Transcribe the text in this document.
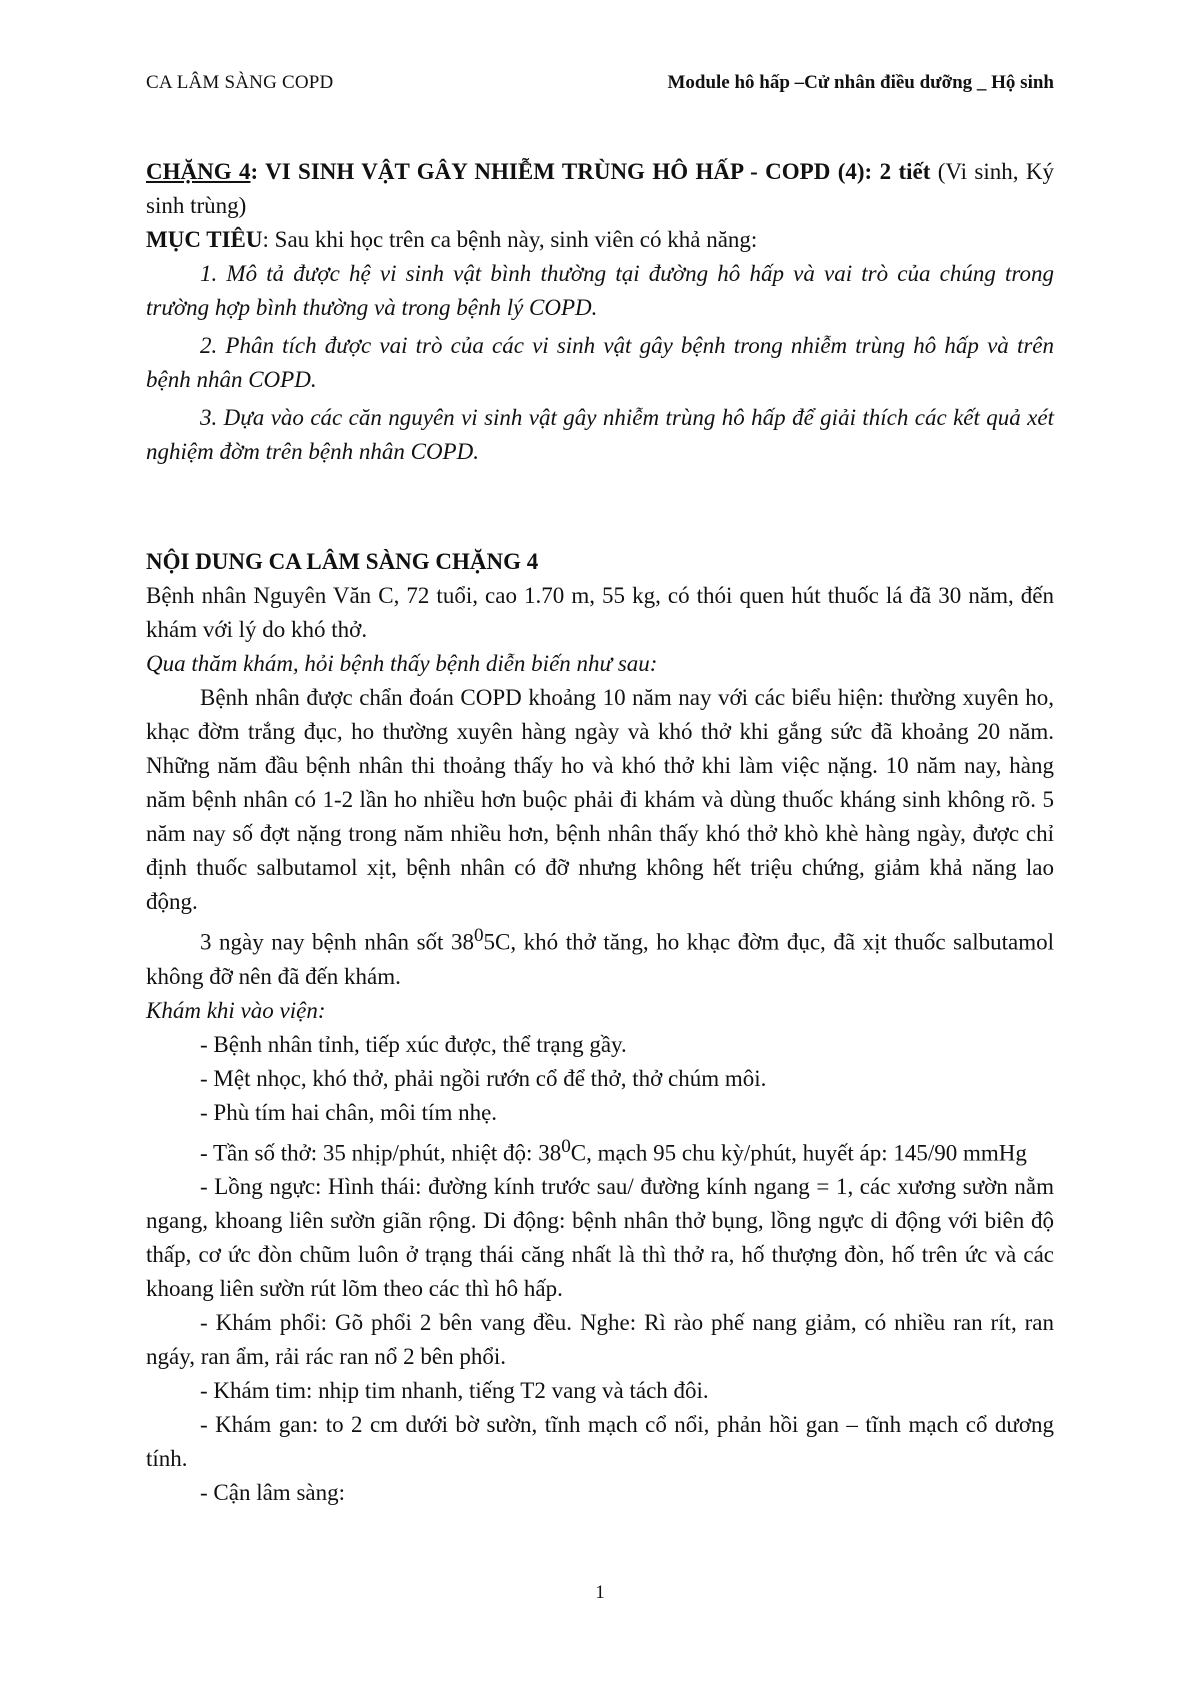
CA LÂM SÀNG COPD	Module hô hấp –Cử nhân điều dưỡng _ Hộ sinh

CHẶNG 4: VI SINH VẬT GÂY NHIỄM TRÙNG HÔ HẤP - COPD (4): 2 tiết (Vi sinh, Ký sinh trùng)

MỤC TIÊU: Sau khi học trên ca bệnh này, sinh viên có khả năng:

1. Mô tả được hệ vi sinh vật bình thường tại đường hô hấp và vai trò của chúng trong trường hợp bình thường và trong bệnh lý COPD.

2. Phân tích được vai trò của các vi sinh vật gây bệnh trong nhiễm trùng hô hấp và trên bệnh nhân COPD.

3. Dựa vào các căn nguyên vi sinh vật gây nhiễm trùng hô hấp để giải thích các kết quả xét nghiệm đờm trên bệnh nhân COPD.

NỘI DUNG CA LÂM SÀNG CHẶNG 4

Bệnh nhân Nguyên Văn C, 72 tuổi, cao 1.70 m, 55 kg, có thói quen hút thuốc lá đã 30 năm, đến khám với lý do khó thở.

Qua thăm khám, hỏi bệnh thấy bệnh diễn biến như sau:

Bệnh nhân được chẩn đoán COPD khoảng 10 năm nay với các biểu hiện: thường xuyên ho, khạc đờm trắng đục, ho thường xuyên hàng ngày và khó thở khi gắng sức đã khoảng 20 năm. Những năm đầu bệnh nhân thi thoảng thấy ho và khó thở khi làm việc nặng. 10 năm nay, hàng năm bệnh nhân có 1-2 lần ho nhiều hơn buộc phải đi khám và dùng thuốc kháng sinh không rõ. 5 năm nay số đợt nặng trong năm nhiều hơn, bệnh nhân thấy khó thở khò khè hàng ngày, được chỉ định thuốc salbutamol xịt, bệnh nhân có đỡ nhưng không hết triệu chứng, giảm khả năng lao động.

3 ngày nay bệnh nhân sốt $38^05C$, khó thở tăng, ho khạc đờm đục, đã xịt thuốc salbutamol không đỡ nên đã đến khám.

Khám khi vào viện:

- Bệnh nhân tỉnh, tiếp xúc được, thể trạng gầy.

- Mệt nhọc, khó thở, phải ngồi rướn cổ để thở, thở chúm môi.

- Phù tím hai chân, môi tím nhẹ.

- Tần số thở: 35 nhịp/phút, nhiệt độ: $38^0C$, mạch 95 chu kỳ/phút, huyết áp: 145/90 mmHg

- Lồng ngực: Hình thái: đường kính trước sau/ đường kính ngang = 1, các xương sườn nằm ngang, khoang liên sườn giãn rộng. Di động: bệnh nhân thở bụng, lồng ngực di động với biên độ thấp, cơ ức đòn chũm luôn ở trạng thái căng nhất là thì thở ra, hố thượng đòn, hố trên ức và các khoang liên sườn rút lõm theo các thì hô hấp.

- Khám phổi: Gõ phổi 2 bên vang đều. Nghe: Rì rào phế nang giảm, có nhiều ran rít, ran ngáy, ran ẩm, rải rác ran nổ 2 bên phổi.

- Khám tim: nhịp tim nhanh, tiếng T2 vang và tách đôi.

- Khám gan: to 2 cm dưới bờ sườn, tĩnh mạch cổ nổi, phản hồi gan – tĩnh mạch cổ dương tính.

- Cận lâm sàng:

1
